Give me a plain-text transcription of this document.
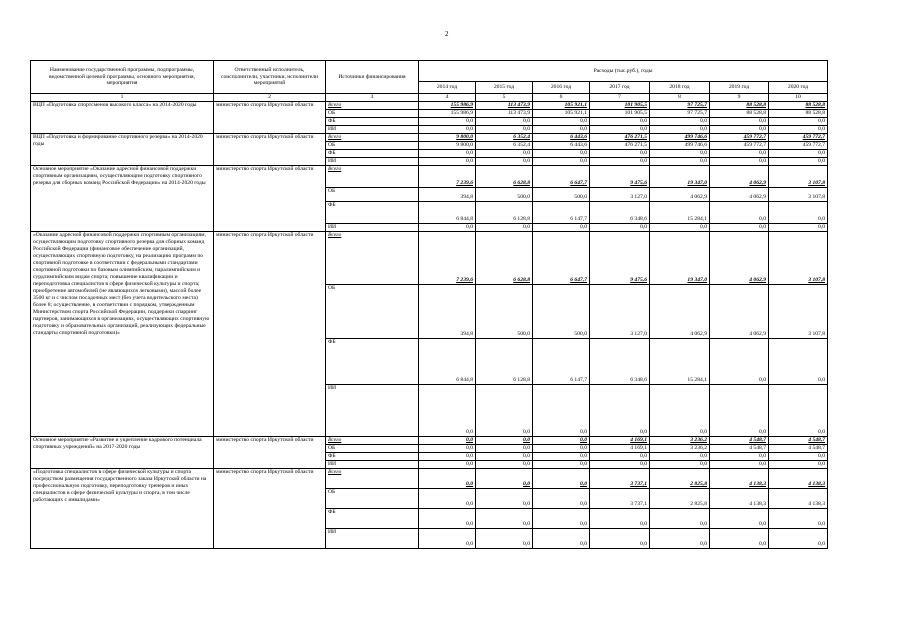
2
Наименование государственной программы, подпрограммы, ведомственной целевой программы, основного мероприятия, мероприятия	Ответственный исполнитель, соисполнители, участники, исполнители мероприятий	Источники финансирования	Расходы (тыс.руб.), годы						
			2014 год	2015 год	2016 год	2017 год	2018 год	2019 год	2020 год
1	2	3	4	5	6	7	8	9	10
ВЦП «Подготовка спортсменов высокого класса» на 2014-2020 годы	министерство спорта Иркутской области	Всего	155 986,9	113 473,9	105 921,1	101 905,5	97 725,7	88 528,8	88 528,8
		ОБ	155 986,9	113 473,9	105 921,1	101 905,5	97 725,7	88 528,8	88 528,8
		ФБ	0,0	0,0	0,0	0,0	0,0	0,0	0,0
		ИИ	0,0	0,0	0,0	0,0	0,0	0,0	0,0
ВЦП «Подготовка и формирование спортивного резерва» на 2014-2020 годы	министерство спорта Иркутской области	Всего	9 800,0	6 352,4	6 443,6	476 271,5	499 746,6	459 772,7	459 772,7
		ОБ	9 800,0	6 352,4	6 443,6	476 271,5	499 746,6	459 772,7	459 772,7
		ФБ	0,0	0,0	0,0	0,0	0,0	0,0	0,0
		ИИ	0,0	0,0	0,0	0,0	0,0	0,0	0,0
Основное мероприятие «Оказание адресной финансовой поддержки спортивным организациям, осуществляющим подготовку спортивного резерва для сборных команд Российской Федерации» на 2014-2020 годы	министерство спорта Иркутской области	Всего	7 239,6	6 628,8	6 647,7	9 475,6	19 347,0	4 062,9	3 107,8
		ОБ	394,8	500,0	500,0	3 127,0	4 062,9	4 062,9	3 107,8
		ФБ	6 844,8	6 128,8	6 147,7	6 348,6	15 284,1	0,0	0,0
		ИИ	0,0	0,0	0,0	0,0	0,0	0,0	0,0
«Оказание адресной финансовой поддержки спортивным организациям, осуществляющим подготовку спортивного резерва для сборных команд Российской Федерации (финансовое обеспечение организаций, осуществляющих спортивную подготовку, на реализацию программ по спортивной подготовке в соответствии с федеральными стандартами спортивной подготовки по базовым олимпийским, паралимпийским и сурдлимпийским видам спорта; повышение квалификации и переподготовка специалистов в сфере физической культуры и спорта; приобретение автомобилей (не являющихся легковыми), массой более 3500 кг и с числом посадочных мест (без учета водительского места) более 8; осуществление, в соответствии с порядком, утвержденным Министерством спорта Российской Федерации, поддержки спарринг партнеров, занимающихся в организациях, осуществляющих спортивную подготовку и образовательных организаций, реализующих федеральные стандарты спортивной подготовки)»	министерство спорта Иркутской области	Всего	7 239,6	6 628,8	6 647,7	9 475,6	19 347,0	4 062,9	3 107,8
		ОБ	394,8	500,0	500,0	3 127,0	4 062,9	4 062,9	3 107,8
		ФБ	6 844,8	6 128,8	6 147,7	6 348,6	15 284,1	0,0	0,0
		ИИ	0,0	0,0	0,0	0,0	0,0	0,0	0,0
Основное мероприятие «Развитие и укрепление кадрового потенциала спортивных учреждений» на 2017-2020 годы	министерство спорта Иркутской области	Всего	0,0	0,0	0,0	4 169,1	3 236,2	4 548,7	4 548,7
		ОБ	0,0	0,0	0,0	4 169,1	3 236,2	4 548,7	4 548,7
		ФБ	0,0	0,0	0,0	0,0	0,0	0,0	0,0
		ИИ	0,0	0,0	0,0	0,0	0,0	0,0	0,0
«Подготовка специалистов в сфере физической культуры и спорта посредством размещения государственного заказа Иркутской области на профессиональную подготовку, переподготовку тренеров и иных специалистов в сфере физической культуры и спорта, в том числе работающих с инвалидами»	министерство спорта Иркутской области	Всего	0,0	0,0	0,0	3 737,1	2 825,8	4 138,3	4 138,3
		ОБ	0,0	0,0	0,0	3 737,1	2 825,8	4 138,3	4 138,3
		ФБ	0,0	0,0	0,0	0,0	0,0	0,0	0,0
		ИИ	0,0	0,0	0,0	0,0	0,0	0,0	0,0
